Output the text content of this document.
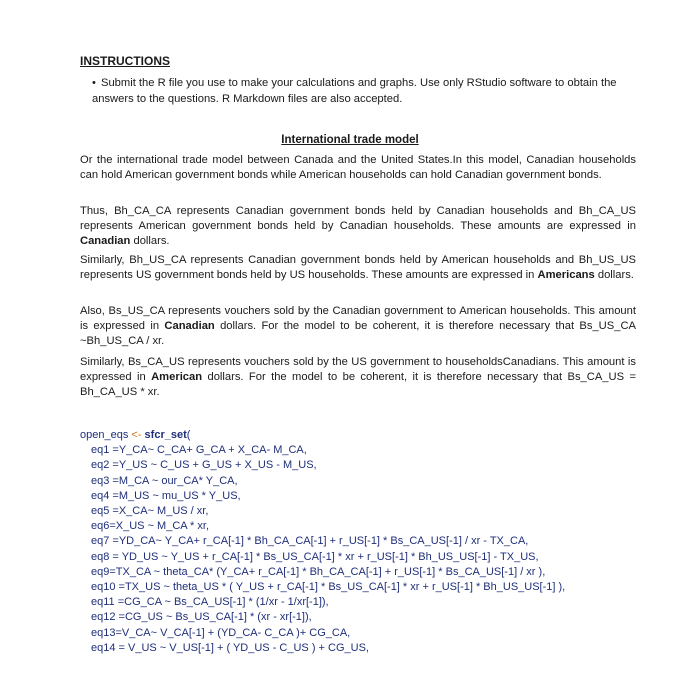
INSTRUCTIONS

• Submit the R file you use to make your calculations and graphs. Use only RStudio software to obtain the answers to the questions. R Markdown files are also accepted.

International trade model

Or the international trade model between Canada and the United States.In this model, Canadian households can hold American government bonds while American households can hold Canadian government bonds.

Thus, Bh_CA_CA represents Canadian government bonds held by Canadian households and Bh_CA_US represents American government bonds held by Canadian households. These amounts are expressed in Canadian dollars.

Similarly, Bh_US_CA represents Canadian government bonds held by American households and Bh_US_US represents US government bonds held by US households. These amounts are expressed in Americans dollars.

Also, Bs_US_CA represents vouchers sold by the Canadian government to American households. This amount is expressed in Canadian dollars. For the model to be coherent, it is therefore necessary that Bs_US_CA ~Bh_US_CA / xr.

Similarly, Bs_CA_US represents vouchers sold by the US government to householdsCanadians. This amount is expressed in American dollars. For the model to be coherent, it is therefore necessary that Bs_CA_US = Bh_CA_US * xr.

open_eqs <- sfcr_set(
eq1 =Y_CA~ C_CA+ G_CA + X_CA- M_CA,
eq2 =Y_US ~ C_US + G_US + X_US - M_US,
eq3 =M_CA ~ our_CA* Y_CA,
eq4 =M_US ~ mu_US * Y_US,
eq5 =X_CA~ M_US / xr,
eq6=X_US ~ M_CA * xr,
eq7 =YD_CA~ Y_CA+ r_CA[-1] * Bh_CA_CA[-1] + r_US[-1] * Bs_CA_US[-1] / xr - TX_CA,
eq8 = YD_US ~ Y_US + r_CA[-1] * Bs_US_CA[-1] * xr + r_US[-1] * Bh_US_US[-1] - TX_US,
eq9=TX_CA ~ theta_CA* (Y_CA+ r_CA[-1] * Bh_CA_CA[-1] + r_US[-1] * Bs_CA_US[-1] / xr ),
eq10 =TX_US ~ theta_US * ( Y_US + r_CA[-1] * Bs_US_CA[-1] * xr + r_US[-1] * Bh_US_US[-1] ),
eq11 =CG_CA ~ Bs_CA_US[-1] * (1/xr - 1/xr[-1]),
eq12 =CG_US ~ Bs_US_CA[-1] * (xr - xr[-1]),
eq13=V_CA~ V_CA[-1] + (YD_CA- C_CA )+ CG_CA,
eq14 = V_US ~ V_US[-1] + ( YD_US - C_US ) + CG_US,
